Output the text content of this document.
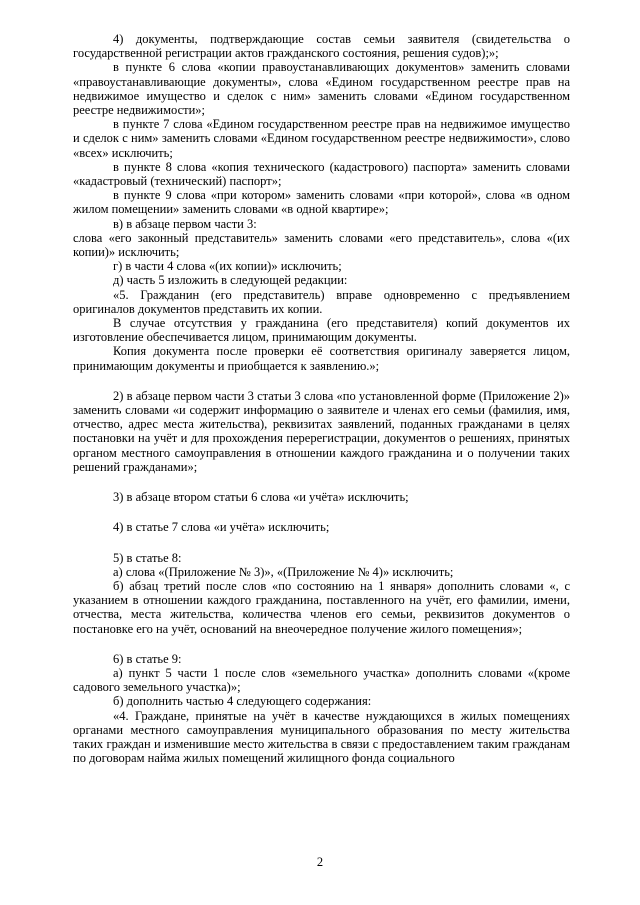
4) документы, подтверждающие состав семьи заявителя (свидетельства о государственной регистрации актов гражданского состояния, решения судов);»;

в пункте 6 слова «копии правоустанавливающих документов» заменить словами «правоустанавливающие документы», слова «Едином государственном реестре прав на недвижимое имущество и сделок с ним» заменить словами «Едином государственном реестре недвижимости»;

в пункте 7 слова «Едином государственном реестре прав на недвижимое имущество и сделок с ним» заменить словами «Едином государственном реестре недвижимости», слово «всех» исключить;

в пункте 8 слова «копия технического (кадастрового) паспорта» заменить словами «кадастровый (технический) паспорт»;

в пункте 9 слова «при котором» заменить словами «при которой», слова «в одном жилом помещении» заменить словами «в одной квартире»;

в) в абзаце первом части 3:

слова «его законный представитель» заменить словами «его представитель», слова «(их копии)» исключить;

г) в части 4 слова «(их копии)» исключить;

д) часть 5 изложить в следующей редакции:

«5. Гражданин (его представитель) вправе одновременно с предъявлением оригиналов документов представить их копии.

В случае отсутствия у гражданина (его представителя) копий документов их изготовление обеспечивается лицом, принимающим документы.

Копия документа после проверки её соответствия оригиналу заверяется лицом, принимающим документы и приобщается к заявлению.»;

2) в абзаце первом части 3 статьи 3 слова «по установленной форме (Приложение 2)» заменить словами «и содержит информацию о заявителе и членах его семьи (фамилия, имя, отчество, адрес места жительства), реквизитах заявлений, поданных гражданами в целях постановки на учёт и для прохождения перерегистрации, документов о решениях, принятых органом местного самоуправления в отношении каждого гражданина и о получении таких решений гражданами»;

3) в абзаце втором статьи 6 слова «и учёта» исключить;

4) в статье 7 слова «и учёта» исключить;

5) в статье 8:

а) слова «(Приложение № 3)», «(Приложение № 4)» исключить;

б) абзац третий после слов «по состоянию на 1 января» дополнить словами «, с указанием в отношении каждого гражданина, поставленного на учёт, его фамилии, имени, отчества, места жительства, количества членов его семьи, реквизитов документов о постановке его на учёт, оснований на внеочередное получение жилого помещения»;

6) в статье 9:

а) пункт 5 части 1 после слов «земельного участка» дополнить словами «(кроме садового земельного участка)»;

б) дополнить частью 4 следующего содержания:

«4. Граждане, принятые на учёт в качестве нуждающихся в жилых помещениях органами местного самоуправления муниципального образования по месту жительства таких граждан и изменившие место жительства в связи с предоставлением таким гражданам по договорам найма жилых помещений жилищного фонда социального

2
